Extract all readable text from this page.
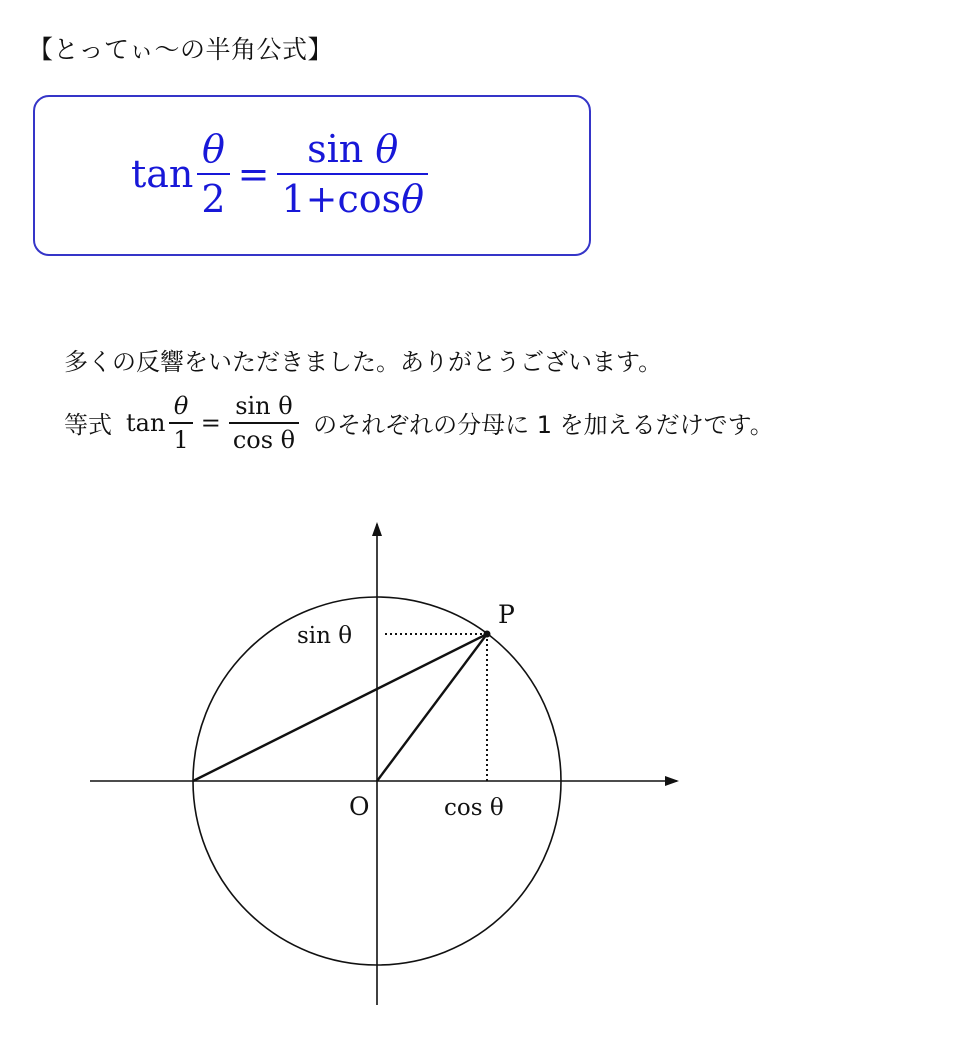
【とってぃ〜の半角公式】
$\tan \frac{\theta}{2} = \frac{\text{sin θ}}{1+\cos\theta}$
多くの反響をいただきました。ありがとうございます。
等式 $\tan \frac{\theta}{1} = \frac{\text{sin θ}}{\text{cos θ}}$ のそれぞれの分母に 1 を加えるだけです。
P
O
sin θ
cos θ
